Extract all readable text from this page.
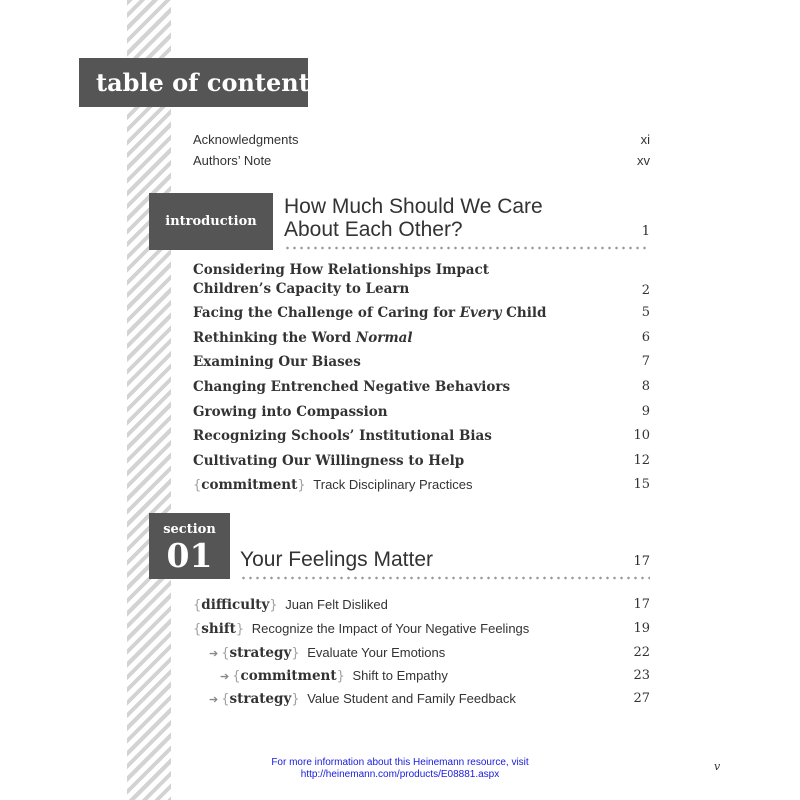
table of contents
Acknowledgments	xi
Authors’ Note	xv
introduction
How Much Should We Care
About Each Other?	1
Considering How Relationships Impact
Children’s Capacity to Learn	2
Facing the Challenge of Caring for Every Child	5
Rethinking the Word Normal	6
Examining Our Biases	7
Changing Entrenched Negative Behaviors	8
Growing into Compassion	9
Recognizing Schools’ Institutional Bias	10
Cultivating Our Willingness to Help	12
{commitment} Track Disciplinary Practices	15
section
01	Your Feelings Matter	17
{difficulty} Juan Felt Disliked	17
{shift} Recognize the Impact of Your Negative Feelings	19
➔ {strategy} Evaluate Your Emotions	22
➔ {commitment} Shift to Empathy	23
➔ {strategy} Value Student and Family Feedback	27
For more information about this Heinemann resource, visit
http://heinemann.com/products/E08881.aspx
v
